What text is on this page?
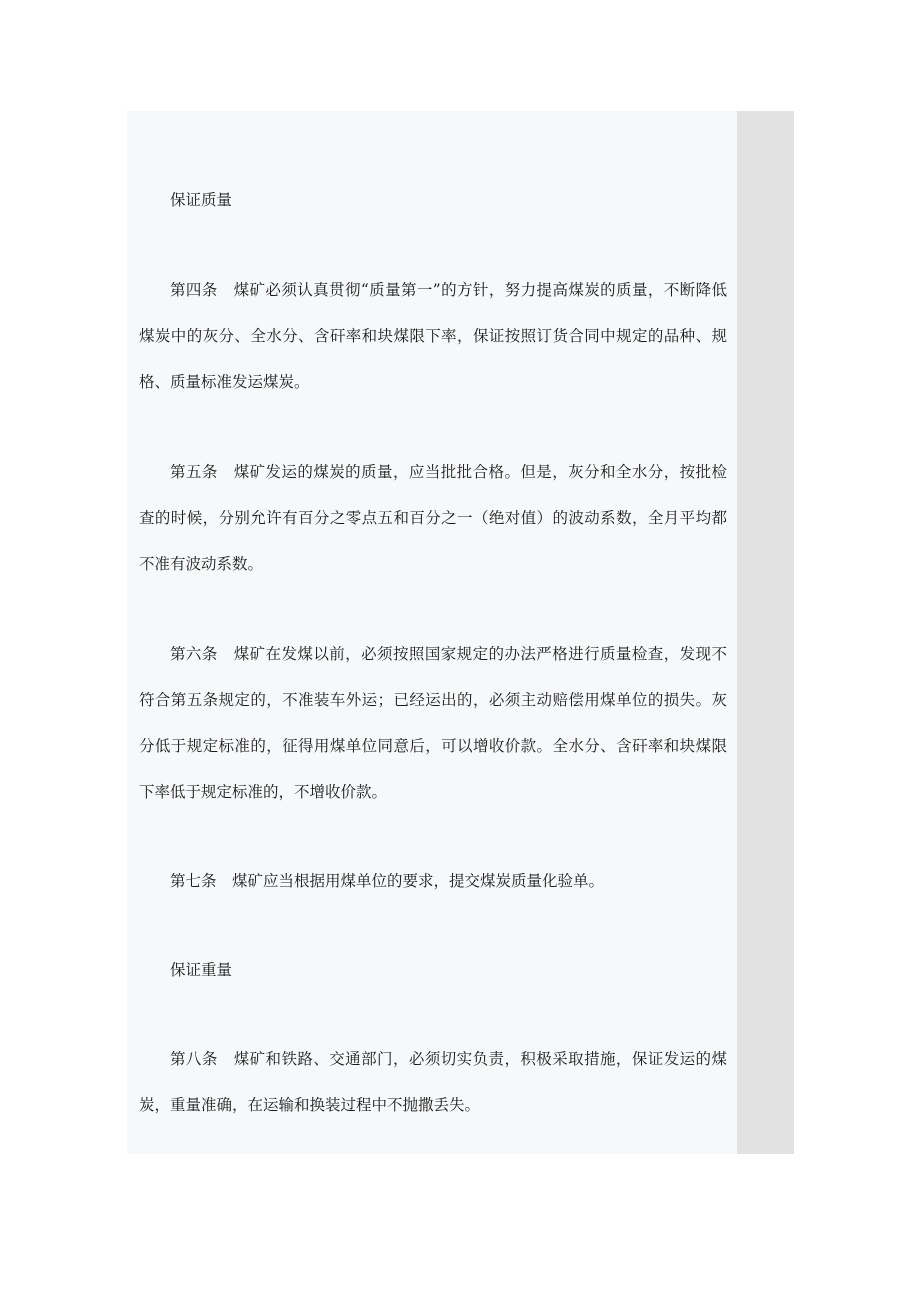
保证质量

第四条 煤矿必须认真贯彻“质量第一”的方针，努力提高煤炭的质量，不断降低煤炭中的灰分、全水分、含矸率和块煤限下率，保证按照订货合同中规定的品种、规格、质量标准发运煤炭。

第五条 煤矿发运的煤炭的质量，应当批批合格。但是，灰分和全水分，按批检查的时候，分别允许有百分之零点五和百分之一（绝对值）的波动系数，全月平均都不准有波动系数。

第六条 煤矿在发煤以前，必须按照国家规定的办法严格进行质量检查，发现不符合第五条规定的，不准装车外运；已经运出的，必须主动赔偿用煤单位的损失。灰分低于规定标准的，征得用煤单位同意后，可以增收价款。全水分、含矸率和块煤限下率低于规定标准的，不增收价款。

第七条 煤矿应当根据用煤单位的要求，提交煤炭质量化验单。

保证重量

第八条 煤矿和铁路、交通部门，必须切实负责，积极采取措施，保证发运的煤炭，重量准确，在运输和换装过程中不抛撒丢失。
